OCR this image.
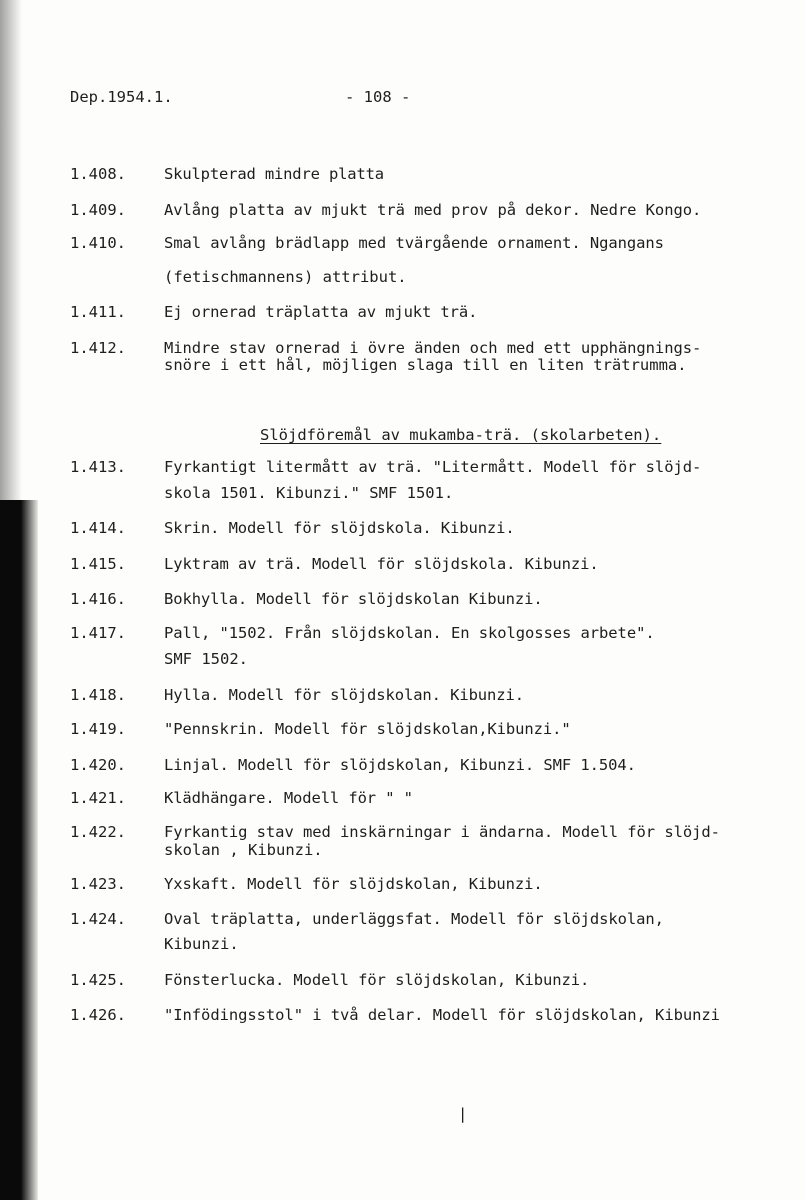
Dep.1954.1.	- 108 -
1.408. Skulpterad mindre platta
1.409. Avlång platta av mjukt trä med prov på dekor. Nedre Kongo.
1.410. Smal avlång brädlapp med tvärgående ornament. Ngangans
(fetischmannens) attribut.
1.411. Ej ornerad träplatta av mjukt trä.
1.412. Mindre stav ornerad i övre änden och med ett upphängnings-
snöre i ett hål, möjligen slaga till en liten trätrumma.
Slöjdföremål av mukamba-trä. (skolarbeten).
1.413. Fyrkantigt litermått av trä. "Litermått. Modell för slöjd-
skola 1501. Kibunzi." SMF 1501.
1.414. Skrin. Modell för slöjdskola. Kibunzi.
1.415. Lyktram av trä. Modell för slöjdskola. Kibunzi.
1.416. Bokhylla. Modell för slöjdskolan Kibunzi.
1.417. Pall, "1502. Från slöjdskolan. En skolgosses arbete".
SMF 1502.
1.418. Hylla. Modell för slöjdskolan. Kibunzi.
1.419. "Pennskrin. Modell för slöjdskolan,Kibunzi."
1.420. Linjal. Modell för slöjdskolan, Kibunzi. SMF 1.504.
1.421. Klädhängare. Modell för " "
1.422. Fyrkantig stav med inskärningar i ändarna. Modell för slöjd-
skolan , Kibunzi.
1.423. Yxskaft. Modell för slöjdskolan, Kibunzi.
1.424. Oval träplatta, underläggsfat. Modell för slöjdskolan,
Kibunzi.
1.425. Fönsterlucka. Modell för slöjdskolan, Kibunzi.
1.426. "Infödingsstol" i två delar. Modell för slöjdskolan, Kibunzi
|
